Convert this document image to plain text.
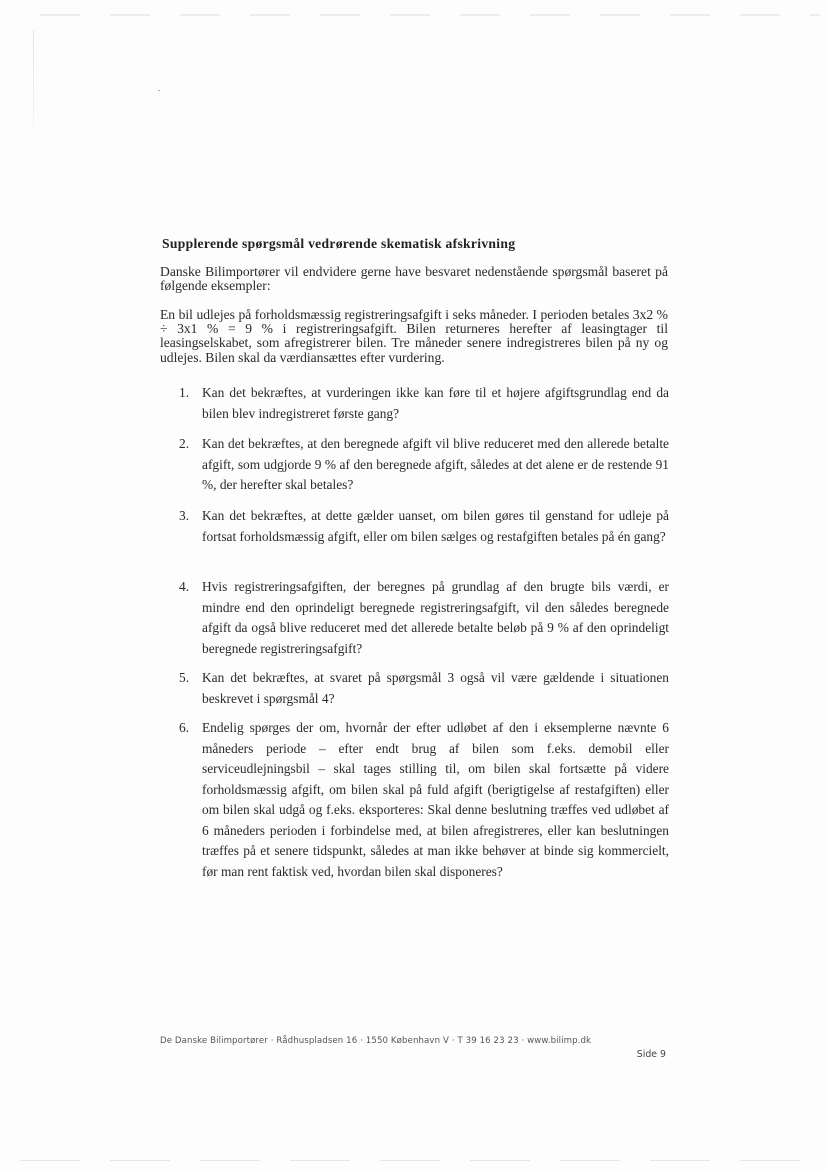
Supplerende spørgsmål vedrørende skematisk afskrivning
Danske Bilimportører vil endvidere gerne have besvaret nedenstående spørgsmål baseret på følgende eksempler:
En bil udlejes på forholdsmæssig registreringsafgift i seks måneder. I perioden betales 3x2 % ÷ 3x1 % = 9 % i registreringsafgift. Bilen returneres herefter af leasingtager til leasingselskabet, som afregistrerer bilen. Tre måneder senere indregistreres bilen på ny og udlejes. Bilen skal da værdiansættes efter vurdering.
1. Kan det bekræftes, at vurderingen ikke kan føre til et højere afgiftsgrundlag end da bilen blev indregistreret første gang?
2. Kan det bekræftes, at den beregnede afgift vil blive reduceret med den allerede betalte afgift, som udgjorde 9 % af den beregnede afgift, således at det alene er de restende 91 %, der herefter skal betales?
3. Kan det bekræftes, at dette gælder uanset, om bilen gøres til genstand for udleje på fortsat forholdsmæssig afgift, eller om bilen sælges og restafgiften betales på én gang?
4. Hvis registreringsafgiften, der beregnes på grundlag af den brugte bils værdi, er mindre end den oprindeligt beregnede registreringsafgift, vil den således beregnede afgift da også blive reduceret med det allerede betalte beløb på 9 % af den oprindeligt beregnede registreringsafgift?
5. Kan det bekræftes, at svaret på spørgsmål 3 også vil være gældende i situationen beskrevet i spørgsmål 4?
6. Endelig spørges der om, hvornår der efter udløbet af den i eksemplerne nævnte 6 måneders periode – efter endt brug af bilen som f.eks. demobil eller serviceudlejningsbil – skal tages stilling til, om bilen skal fortsætte på videre forholdsmæssig afgift, om bilen skal på fuld afgift (berigtigelse af restafgiften) eller om bilen skal udgå og f.eks. eksporteres: Skal denne beslutning træffes ved udløbet af 6 måneders perioden i forbindelse med, at bilen afregistreres, eller kan beslutningen træffes på et senere tidspunkt, således at man ikke behøver at binde sig kommercielt, før man rent faktisk ved, hvordan bilen skal disponeres?
De Danske Bilimportører · Rådhuspladsen 16 · 1550 København V · T 39 16 23 23 · www.bilimp.dk
Side 9
